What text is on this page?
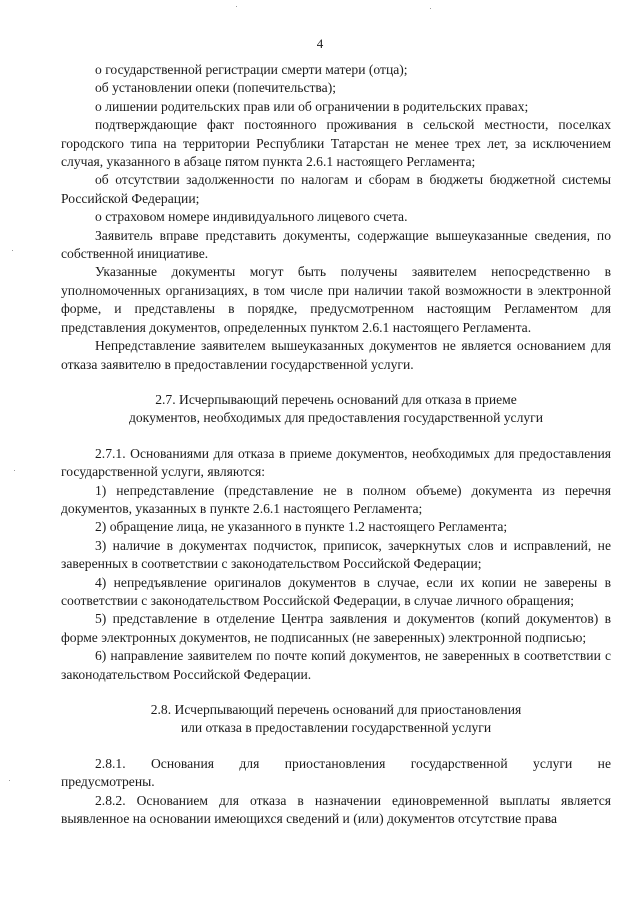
4

о государственной регистрации смерти матери (отца);

об установлении опеки (попечительства);

о лишении родительских прав или об ограничении в родительских правах;

подтверждающие факт постоянного проживания в сельской местности, поселках городского типа на территории Республики Татарстан не менее трех лет, за исключением случая, указанного в абзаце пятом пункта 2.6.1 настоящего Регламента;

об отсутствии задолженности по налогам и сборам в бюджеты бюджетной системы Российской Федерации;

о страховом номере индивидуального лицевого счета.

Заявитель вправе представить документы, содержащие вышеуказанные сведения, по собственной инициативе.

Указанные документы могут быть получены заявителем непосредственно в уполномоченных организациях, в том числе при наличии такой возможности в электронной форме, и представлены в порядке, предусмотренном настоящим Регламентом для представления документов, определенных пунктом 2.6.1 настоящего Регламента.

Непредставление заявителем вышеуказанных документов не является основанием для отказа заявителю в предоставлении государственной услуги.

2.7. Исчерпывающий перечень оснований для отказа в приеме

документов, необходимых для предоставления государственной услуги

2.7.1. Основаниями для отказа в приеме документов, необходимых для предоставления государственной услуги, являются:

1) непредставление (представление не в полном объеме) документа из перечня документов, указанных в пункте 2.6.1 настоящего Регламента;

2) обращение лица, не указанного в пункте 1.2 настоящего Регламента;

3) наличие в документах подчисток, приписок, зачеркнутых слов и исправлений, не заверенных в соответствии с законодательством Российской Федерации;

4) непредъявление оригиналов документов в случае, если их копии не заверены в соответствии с законодательством Российской Федерации, в случае личного обращения;

5) представление в отделение Центра заявления и документов (копий документов) в форме электронных документов, не подписанных (не заверенных) электронной подписью;

6) направление заявителем по почте копий документов, не заверенных в соответствии с законодательством Российской Федерации.

2.8. Исчерпывающий перечень оснований для приостановления

или отказа в предоставлении государственной услуги

2.8.1. Основания для приостановления государственной услуги не

предусмотрены.

2.8.2. Основанием для отказа в назначении единовременной выплаты является выявленное на основании имеющихся сведений и (или) документов отсутствие права
